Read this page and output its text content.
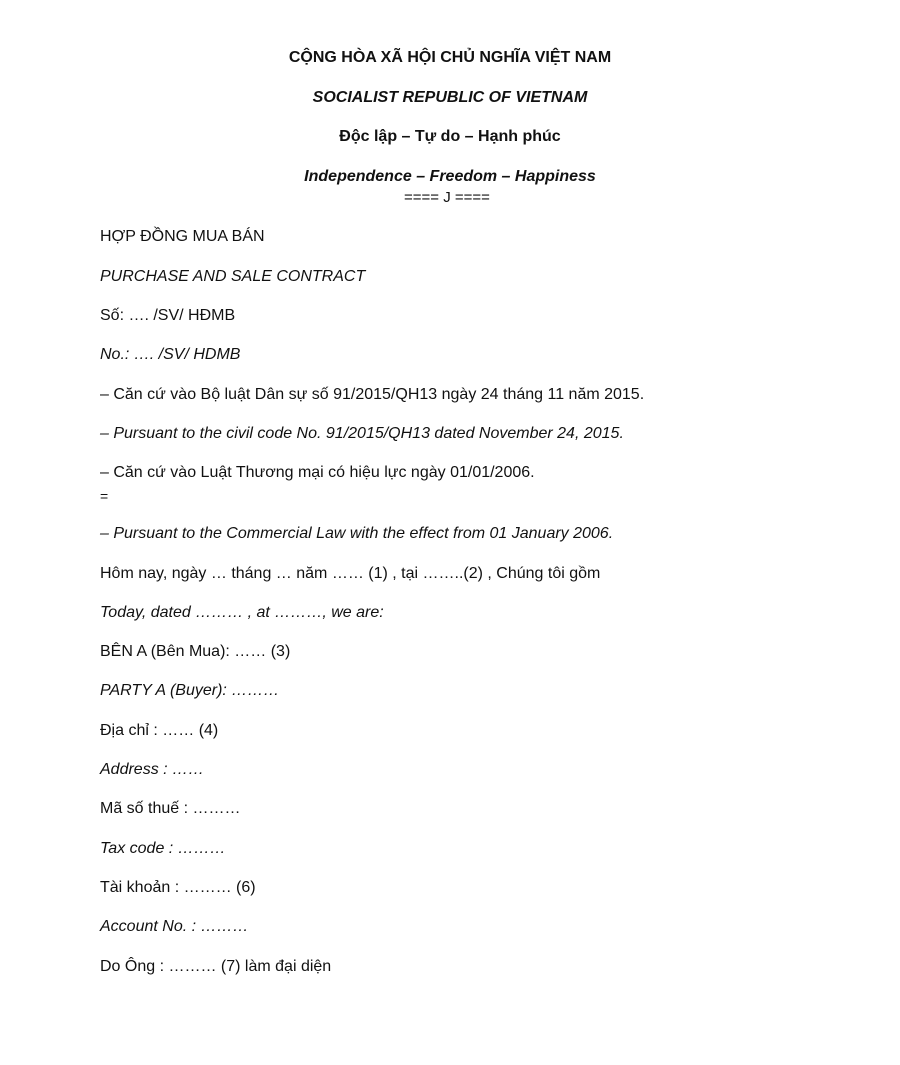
CỘNG HÒA XÃ HỘI CHỦ NGHĨA VIỆT NAM
SOCIALIST REPUBLIC OF VIETNAM
Độc lập – Tự do – Hạnh phúc
Independence – Freedom – Happiness
==== J ====
HỢP ĐỒNG MUA BÁN
PURCHASE AND SALE CONTRACT
Số: …. /SV/ HĐMB
No.: …. /SV/ HDMB
– Căn cứ vào Bộ luật Dân sự số 91/2015/QH13 ngày 24 tháng 11 năm 2015.
– Pursuant to the civil code No. 91/2015/QH13 dated November 24, 2015.
– Căn cứ vào Luật Thương mại có hiệu lực ngày 01/01/2006.
=
– Pursuant to the Commercial Law with the effect from 01 January 2006.
Hôm nay, ngày … tháng … năm …… (1) , tại ……..(2) , Chúng tôi gồm
Today, dated ……… , at ………, we are:
BÊN A (Bên Mua): …… (3)
PARTY A (Buyer): ………
Địa chỉ : …… (4)
Address : ……
Mã số thuế : ………
Tax code : ………
Tài khoản : ……… (6)
Account No. : ………
Do Ông : ……… (7) làm đại diện
